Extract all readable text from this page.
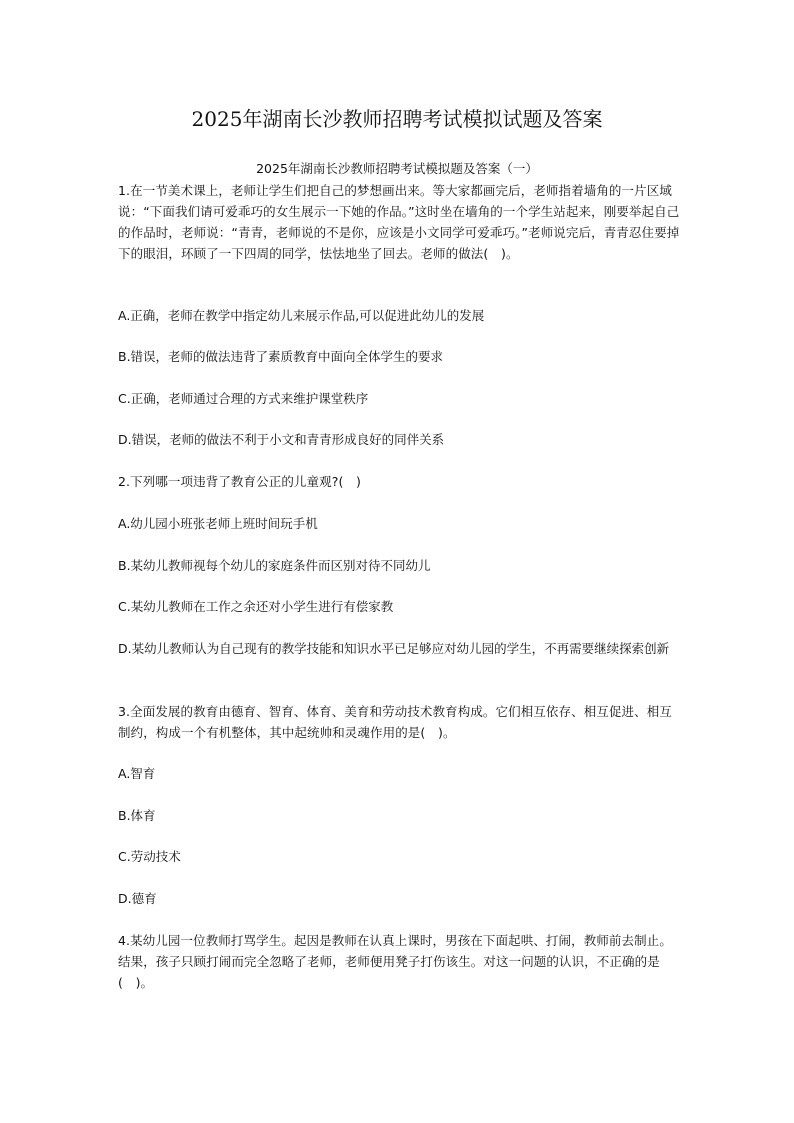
2025年湖南长沙教师招聘考试模拟试题及答案
2025年湖南长沙教师招聘考试模拟题及答案（一）
1.在一节美术课上，老师让学生们把自己的梦想画出来。等大家都画完后，老师指着墙角的一片区域说：“下面我们请可爱乖巧的女生展示一下她的作品。”这时坐在墙角的一个学生站起来，刚要举起自己的作品时，老师说：“青青，老师说的不是你，应该是小文同学可爱乖巧。”老师说完后，青青忍住要掉下的眼泪，环顾了一下四周的同学，怯怯地坐了回去。老师的做法(　)。
A.正确，老师在教学中指定幼儿来展示作品,可以促进此幼儿的发展
B.错误，老师的做法违背了素质教育中面向全体学生的要求
C.正确，老师通过合理的方式来维护课堂秩序
D.错误，老师的做法不利于小文和青青形成良好的同伴关系
2.下列哪一项违背了教育公正的儿童观?(　)
A.幼儿园小班张老师上班时间玩手机
B.某幼儿教师视每个幼儿的家庭条件而区别对待不同幼儿
C.某幼儿教师在工作之余还对小学生进行有偿家教
D.某幼儿教师认为自己现有的教学技能和知识水平已足够应对幼儿园的学生，不再需要继续探索创新
3.全面发展的教育由德育、智育、体育、美育和劳动技术教育构成。它们相互依存、相互促进、相互制约，构成一个有机整体，其中起统帅和灵魂作用的是(　)。
A.智育
B.体育
C.劳动技术
D.德育
4.某幼儿园一位教师打骂学生。起因是教师在认真上课时，男孩在下面起哄、打闹，教师前去制止。结果，孩子只顾打闹而完全忽略了老师，老师便用凳子打伤该生。对这一问题的认识，不正确的是(　)。
